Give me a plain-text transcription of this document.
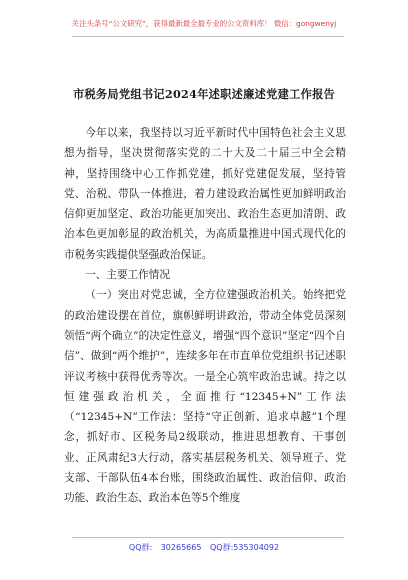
关注头条号“公文研究”，获得最新最全最专业的公文资料库！ 微信：gongwenyj
市税务局党组书记2024年述职述廉述党建工作报告

今年以来，我坚持以习近平新时代中国特色社会主义思想为指导，坚决贯彻落实党的二十大及二十届三中全会精神，坚持围绕中心工作抓党建，抓好党建促发展，坚持管党、治税、带队一体推进，着力建设政治属性更加鲜明政治信仰更加坚定、政治功能更加突出、政治生态更加清朗、政治本色更加彰显的政治机关，为高质量推进中国式现代化的市税务实践提供坚强政治保证。

一、主要工作情况

（一）突出对党忠诚，全方位建强政治机关。始终把党的政治建设摆在首位，旗帜鲜明讲政治，带动全体党员深刻领悟“两个确立”的决定性意义，增强“四个意识”坚定“四个自信”、做到“两个维护”，连续多年在市直单位党组织书记述职评议考核中获得优秀等次。一是全心筑牢政治忠诚。持之以恒建强政治机关，全面推行“12345+N”工作法（“12345+N”工作法：坚持“守正创新、追求卓越”1个理念，抓好市、区税务局2级联动，推进思想教育、干事创业、正风肃纪3大行动，落实基层税务机关、领导班子、党支部、干部队伍4本台账，围绕政治属性、政治信仰、政治功能、政治生态、政治本色等5个维度

QQ群: 30265665 QQ群:535304092
